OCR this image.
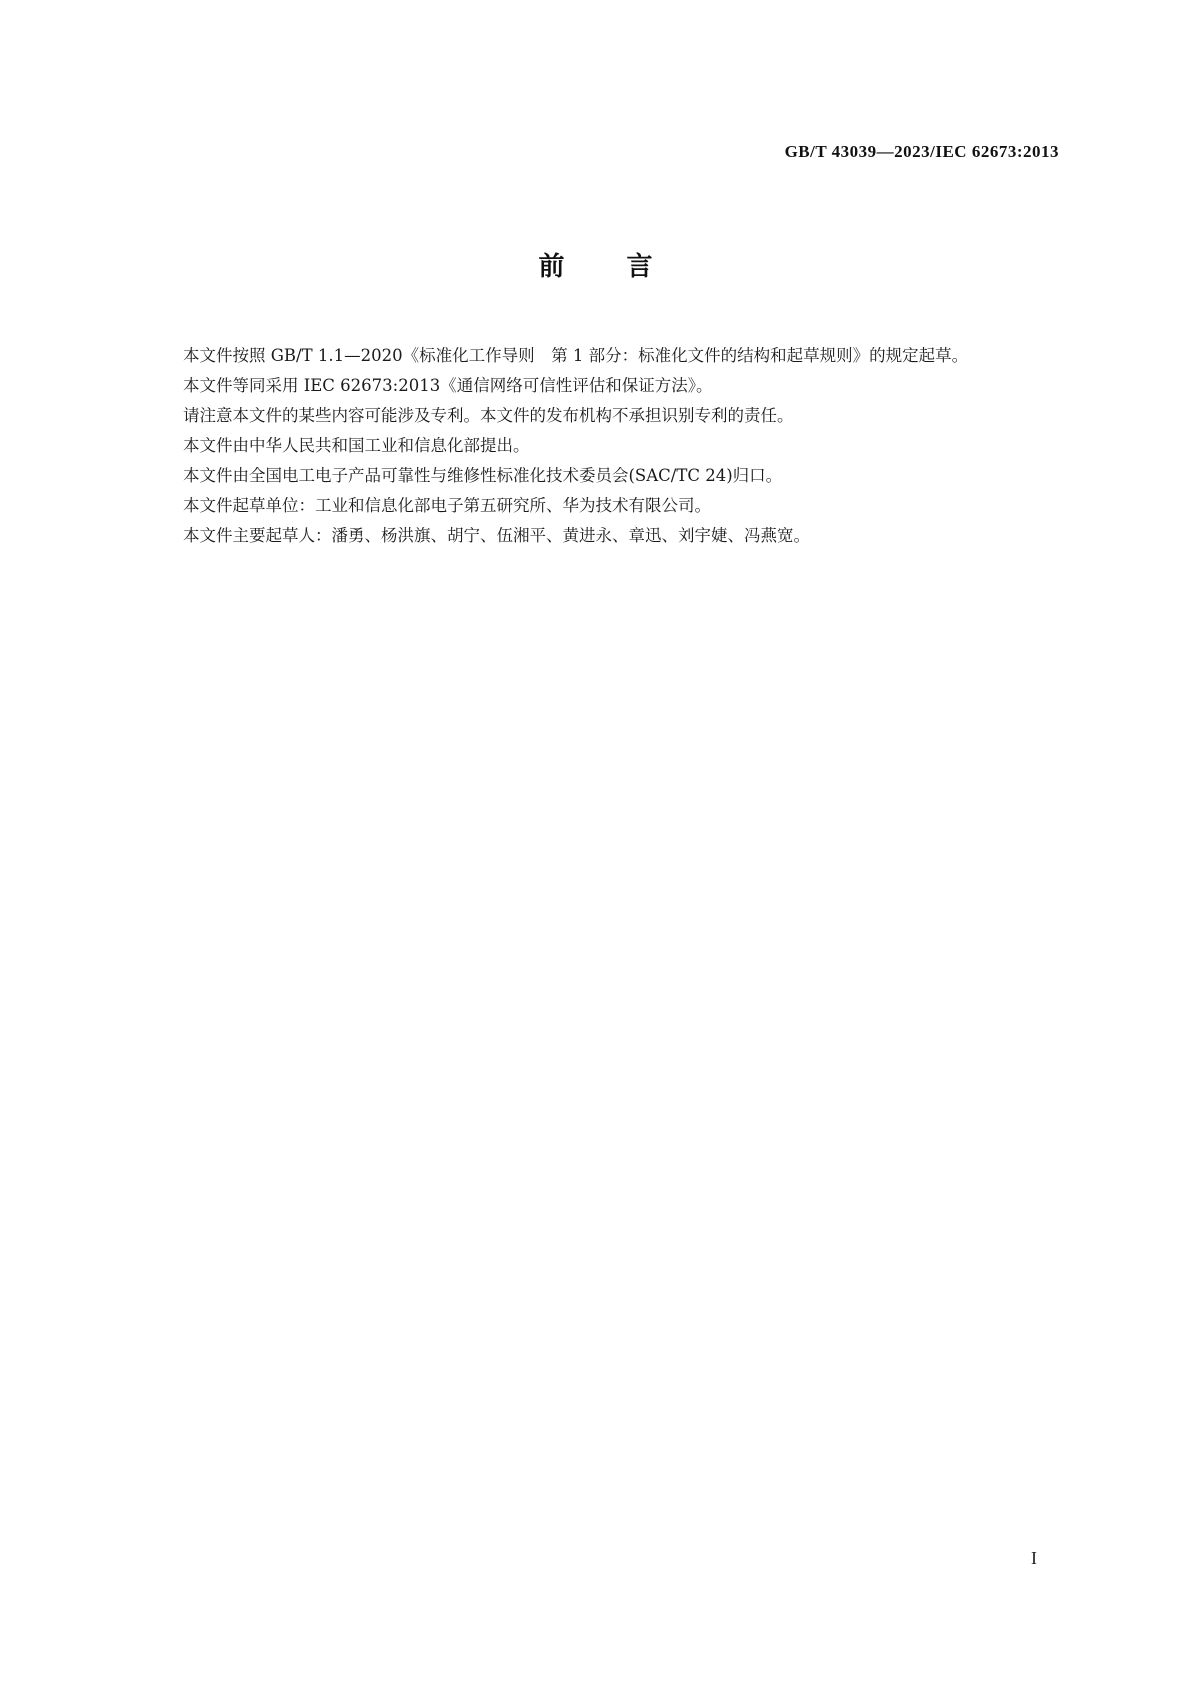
GB/T 43039—2023/IEC 62673:2013
前 言

本文件按照 GB/T 1.1—2020《标准化工作导则　第 1 部分：标准化文件的结构和起草规则》的规定起草。

本文件等同采用 IEC 62673:2013《通信网络可信性评估和保证方法》。

请注意本文件的某些内容可能涉及专利。本文件的发布机构不承担识别专利的责任。

本文件由中华人民共和国工业和信息化部提出。

本文件由全国电工电子产品可靠性与维修性标准化技术委员会(SAC/TC 24)归口。

本文件起草单位：工业和信息化部电子第五研究所、华为技术有限公司。

本文件主要起草人：潘勇、杨洪旗、胡宁、伍湘平、黄进永、章迅、刘宇婕、冯燕宽。

I
